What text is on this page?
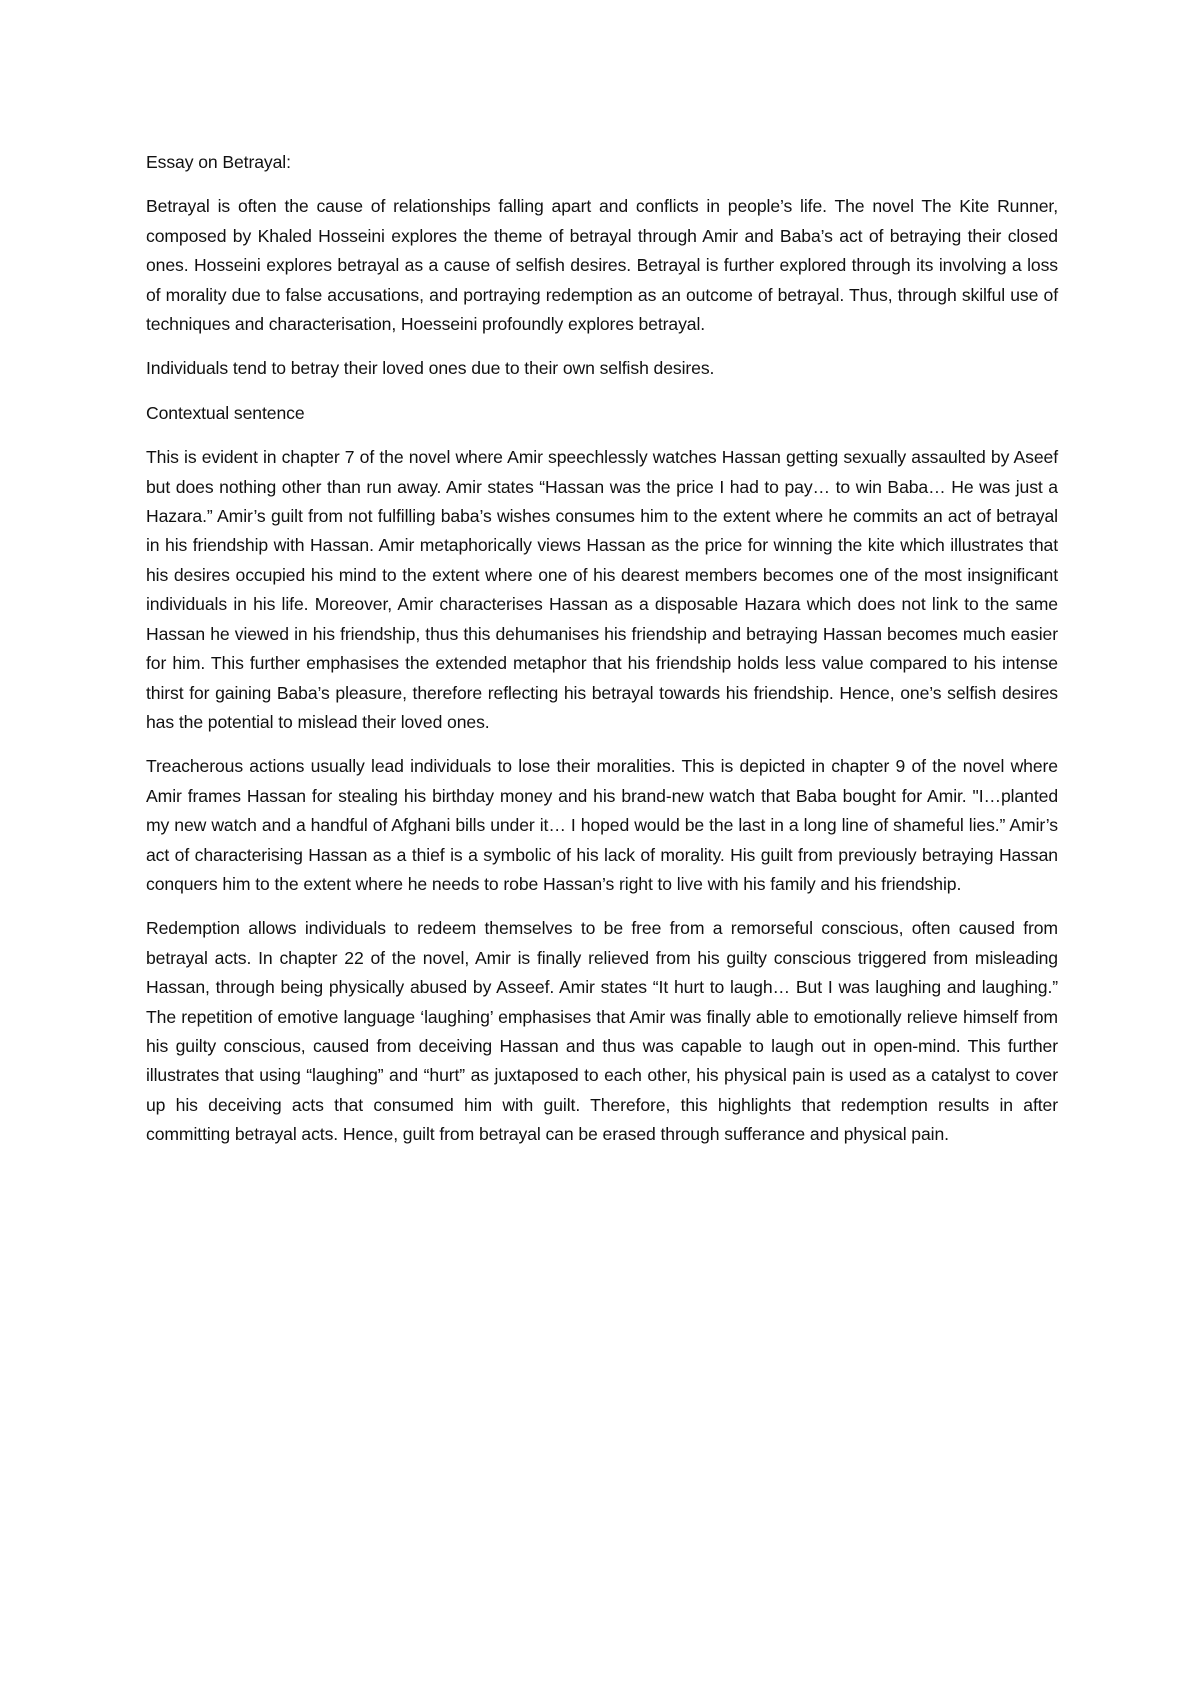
Essay on Betrayal:

Betrayal is often the cause of relationships falling apart and conflicts in people’s life. The novel The Kite Runner, composed by Khaled Hosseini explores the theme of betrayal through Amir and Baba’s act of betraying their closed ones. Hosseini explores betrayal as a cause of selfish desires. Betrayal is further explored through its involving a loss of morality due to false accusations, and portraying redemption as an outcome of betrayal. Thus, through skilful use of techniques and characterisation, Hoesseini profoundly explores betrayal.

Individuals tend to betray their loved ones due to their own selfish desires.

Contextual sentence

This is evident in chapter 7 of the novel where Amir speechlessly watches Hassan getting sexually assaulted by Aseef but does nothing other than run away. Amir states “Hassan was the price I had to pay… to win Baba… He was just a Hazara.” Amir’s guilt from not fulfilling baba’s wishes consumes him to the extent where he commits an act of betrayal in his friendship with Hassan. Amir metaphorically views Hassan as the price for winning the kite which illustrates that his desires occupied his mind to the extent where one of his dearest members becomes one of the most insignificant individuals in his life. Moreover, Amir characterises Hassan as a disposable Hazara which does not link to the same Hassan he viewed in his friendship, thus this dehumanises his friendship and betraying Hassan becomes much easier for him. This further emphasises the extended metaphor that his friendship holds less value compared to his intense thirst for gaining Baba’s pleasure, therefore reflecting his betrayal towards his friendship. Hence, one’s selfish desires has the potential to mislead their loved ones.

Treacherous actions usually lead individuals to lose their moralities. This is depicted in chapter 9 of the novel where Amir frames Hassan for stealing his birthday money and his brand-new watch that Baba bought for Amir. "I…planted my new watch and a handful of Afghani bills under it… I hoped would be the last in a long line of shameful lies.” Amir’s act of characterising Hassan as a thief is a symbolic of his lack of morality. His guilt from previously betraying Hassan conquers him to the extent where he needs to robe Hassan’s right to live with his family and his friendship.

Redemption allows individuals to redeem themselves to be free from a remorseful conscious, often caused from betrayal acts. In chapter 22 of the novel, Amir is finally relieved from his guilty conscious triggered from misleading Hassan, through being physically abused by Asseef. Amir states “It hurt to laugh… But I was laughing and laughing.” The repetition of emotive language ‘laughing’ emphasises that Amir was finally able to emotionally relieve himself from his guilty conscious, caused from deceiving Hassan and thus was capable to laugh out in open-mind. This further illustrates that using “laughing” and “hurt” as juxtaposed to each other, his physical pain is used as a catalyst to cover up his deceiving acts that consumed him with guilt. Therefore, this highlights that redemption results in after committing betrayal acts. Hence, guilt from betrayal can be erased through sufferance and physical pain.
